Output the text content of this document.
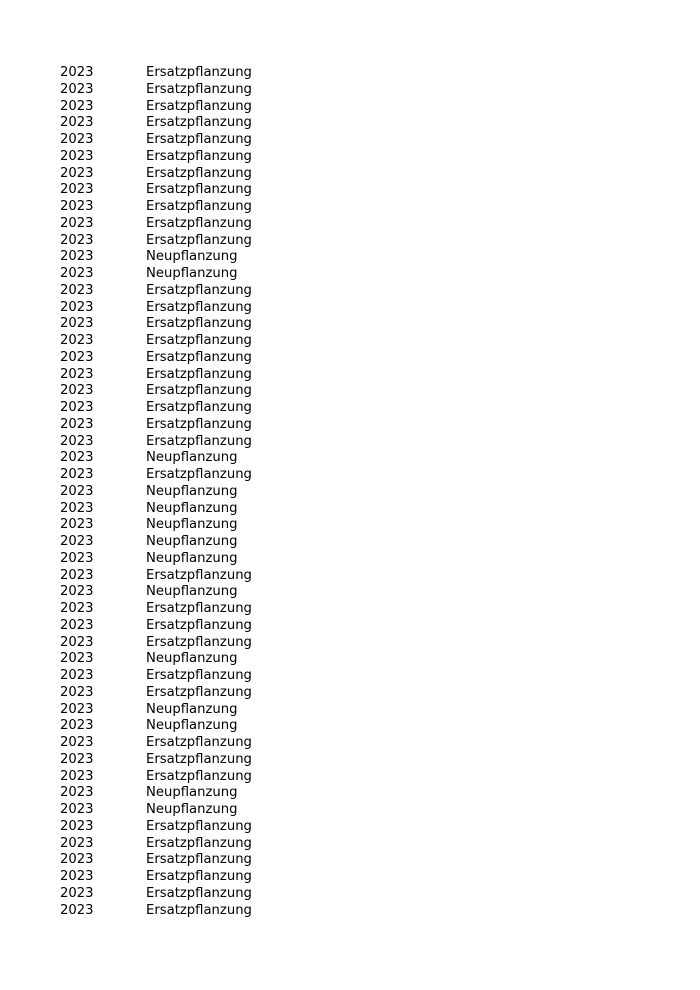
2023	Ersatzpflanzung
2023	Ersatzpflanzung
2023	Ersatzpflanzung
2023	Ersatzpflanzung
2023	Ersatzpflanzung
2023	Ersatzpflanzung
2023	Ersatzpflanzung
2023	Ersatzpflanzung
2023	Ersatzpflanzung
2023	Ersatzpflanzung
2023	Ersatzpflanzung
2023	Neupflanzung
2023	Neupflanzung
2023	Ersatzpflanzung
2023	Ersatzpflanzung
2023	Ersatzpflanzung
2023	Ersatzpflanzung
2023	Ersatzpflanzung
2023	Ersatzpflanzung
2023	Ersatzpflanzung
2023	Ersatzpflanzung
2023	Ersatzpflanzung
2023	Ersatzpflanzung
2023	Neupflanzung
2023	Ersatzpflanzung
2023	Neupflanzung
2023	Neupflanzung
2023	Neupflanzung
2023	Neupflanzung
2023	Neupflanzung
2023	Ersatzpflanzung
2023	Neupflanzung
2023	Ersatzpflanzung
2023	Ersatzpflanzung
2023	Ersatzpflanzung
2023	Neupflanzung
2023	Ersatzpflanzung
2023	Ersatzpflanzung
2023	Neupflanzung
2023	Neupflanzung
2023	Ersatzpflanzung
2023	Ersatzpflanzung
2023	Ersatzpflanzung
2023	Neupflanzung
2023	Neupflanzung
2023	Ersatzpflanzung
2023	Ersatzpflanzung
2023	Ersatzpflanzung
2023	Ersatzpflanzung
2023	Ersatzpflanzung
2023	Ersatzpflanzung
